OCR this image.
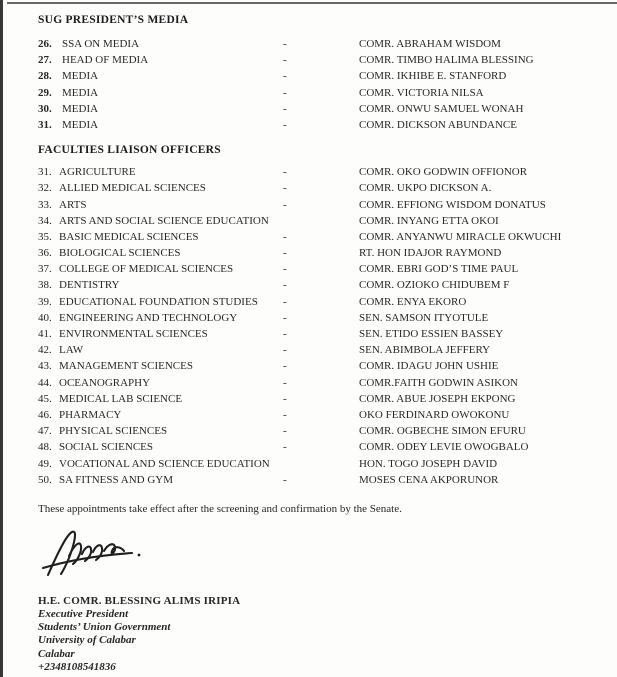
SUG PRESIDENT’S MEDIA
26. SSA ON MEDIA	-	COMR. ABRAHAM WISDOM
27. HEAD OF MEDIA	-	COMR. TIMBO HALIMA BLESSING
28. MEDIA	-	COMR. IKHIBE E. STANFORD
29. MEDIA	-	COMR. VICTORIA NILSA
30. MEDIA	-	COMR. ONWU SAMUEL WONAH
31. MEDIA	-	COMR. DICKSON ABUNDANCE
FACULTIES LIAISON OFFICERS
31. AGRICULTURE	-	COMR. OKO GODWIN OFFIONOR
32. ALLIED MEDICAL SCIENCES	-	COMR. UKPO DICKSON A.
33. ARTS	-	COMR. EFFIONG WISDOM DONATUS
34. ARTS AND SOCIAL SCIENCE EDUCATION	COMR. INYANG ETTA OKOI
35. BASIC MEDICAL SCIENCES	-	COMR. ANYANWU MIRACLE OKWUCHI
36. BIOLOGICAL SCIENCES	-	RT. HON IDAJOR RAYMOND
37. COLLEGE OF MEDICAL SCIENCES	-	COMR. EBRI GOD’S TIME PAUL
38. DENTISTRY	-	COMR. OZIOKO CHIDUBEM F
39. EDUCATIONAL FOUNDATION STUDIES -	COMR. ENYA EKORO
40. ENGINEERING AND TECHNOLOGY	-	SEN. SAMSON ITYOTULE
41. ENVIRONMENTAL SCIENCES	-	SEN. ETIDO ESSIEN BASSEY
42. LAW	-	SEN. ABIMBOLA JEFFERY
43. MANAGEMENT SCIENCES	-	COMR. IDAGU JOHN USHIE
44. OCEANOGRAPHY	-	COMR.FAITH GODWIN ASIKON
45. MEDICAL LAB SCIENCE	-	COMR. ABUE JOSEPH EKPONG
46. PHARMACY	-	OKO FERDINARD OWOKONU
47. PHYSICAL SCIENCES	-	COMR. OGBECHE SIMON EFURU
48. SOCIAL SCIENCES	-	COMR. ODEY LEVIE OWOGBALO
49. VOCATIONAL AND SCIENCE EDUCATION	HON. TOGO JOSEPH DAVID
50. SA FITNESS AND GYM	-	MOSES CENA AKPORUNOR

These appointments take effect after the screening and confirmation by the Senate.

H.E. COMR. BLESSING ALIMS IRIPIA
Executive President
Students’ Union Government
University of Calabar
Calabar
+2348108541836
